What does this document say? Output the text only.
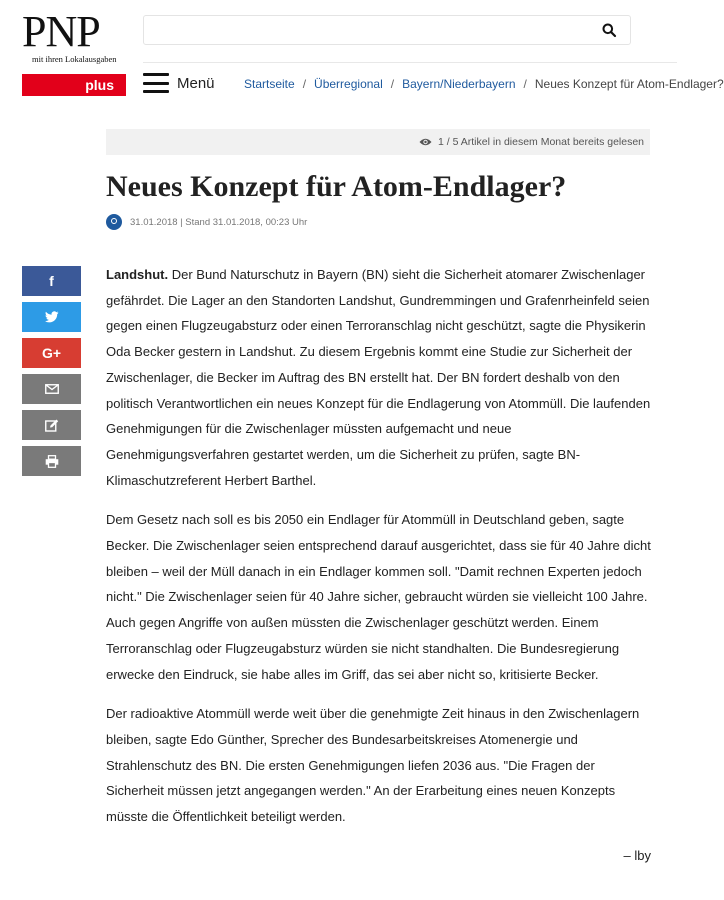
PNP
mit ihren Lokalausgaben
plus	Menü Startseite / Überregional / Bayern/Niederbayern / Neues Konzept für Atom-Endlager?
1 / 5 Artikel in diesem Monat bereits gelesen
Neues Konzept für Atom-Endlager?
31.01.2018 | Stand 31.01.2018, 00:23 Uhr
f
G+

Landshut. Der Bund Naturschutz in Bayern (BN) sieht die Sicherheit atomarer Zwischenlager gefährdet. Die Lager an den Standorten Landshut, Gundremmingen und Grafenrheinfeld seien gegen einen Flugzeugabsturz oder einen Terroranschlag nicht geschützt, sagte die Physikerin Oda Becker gestern in Landshut. Zu diesem Ergebnis kommt eine Studie zur Sicherheit der Zwischenlager, die Becker im Auftrag des BN erstellt hat. Der BN fordert deshalb von den politisch Verantwortlichen ein neues Konzept für die Endlagerung von Atommüll. Die laufenden Genehmigungen für die Zwischenlager müssten aufgemacht und neue Genehmigungsverfahren gestartet werden, um die Sicherheit zu prüfen, sagte BN-Klimaschutzreferent Herbert Barthel.

Dem Gesetz nach soll es bis 2050 ein Endlager für Atommüll in Deutschland geben, sagte Becker. Die Zwischenlager seien entsprechend darauf ausgerichtet, dass sie für 40 Jahre dicht bleiben – weil der Müll danach in ein Endlager kommen soll. "Damit rechnen Experten jedoch nicht." Die Zwischenlager seien für 40 Jahre sicher, gebraucht würden sie vielleicht 100 Jahre. Auch gegen Angriffe von außen müssten die Zwischenlager geschützt werden. Einem Terroranschlag oder Flugzeugabsturz würden sie nicht standhalten. Die Bundesregierung erwecke den Eindruck, sie habe alles im Griff, das sei aber nicht so, kritisierte Becker.

Der radioaktive Atommüll werde weit über die genehmigte Zeit hinaus in den Zwischenlagern bleiben, sagte Edo Günther, Sprecher des Bundesarbeitskreises Atomenergie und Strahlenschutz des BN. Die ersten Genehmigungen liefen 2036 aus. "Die Fragen der Sicherheit müssen jetzt angegangen werden." An der Erarbeitung eines neuen Konzepts müsste die Öffentlichkeit beteiligt werden.

– lby
